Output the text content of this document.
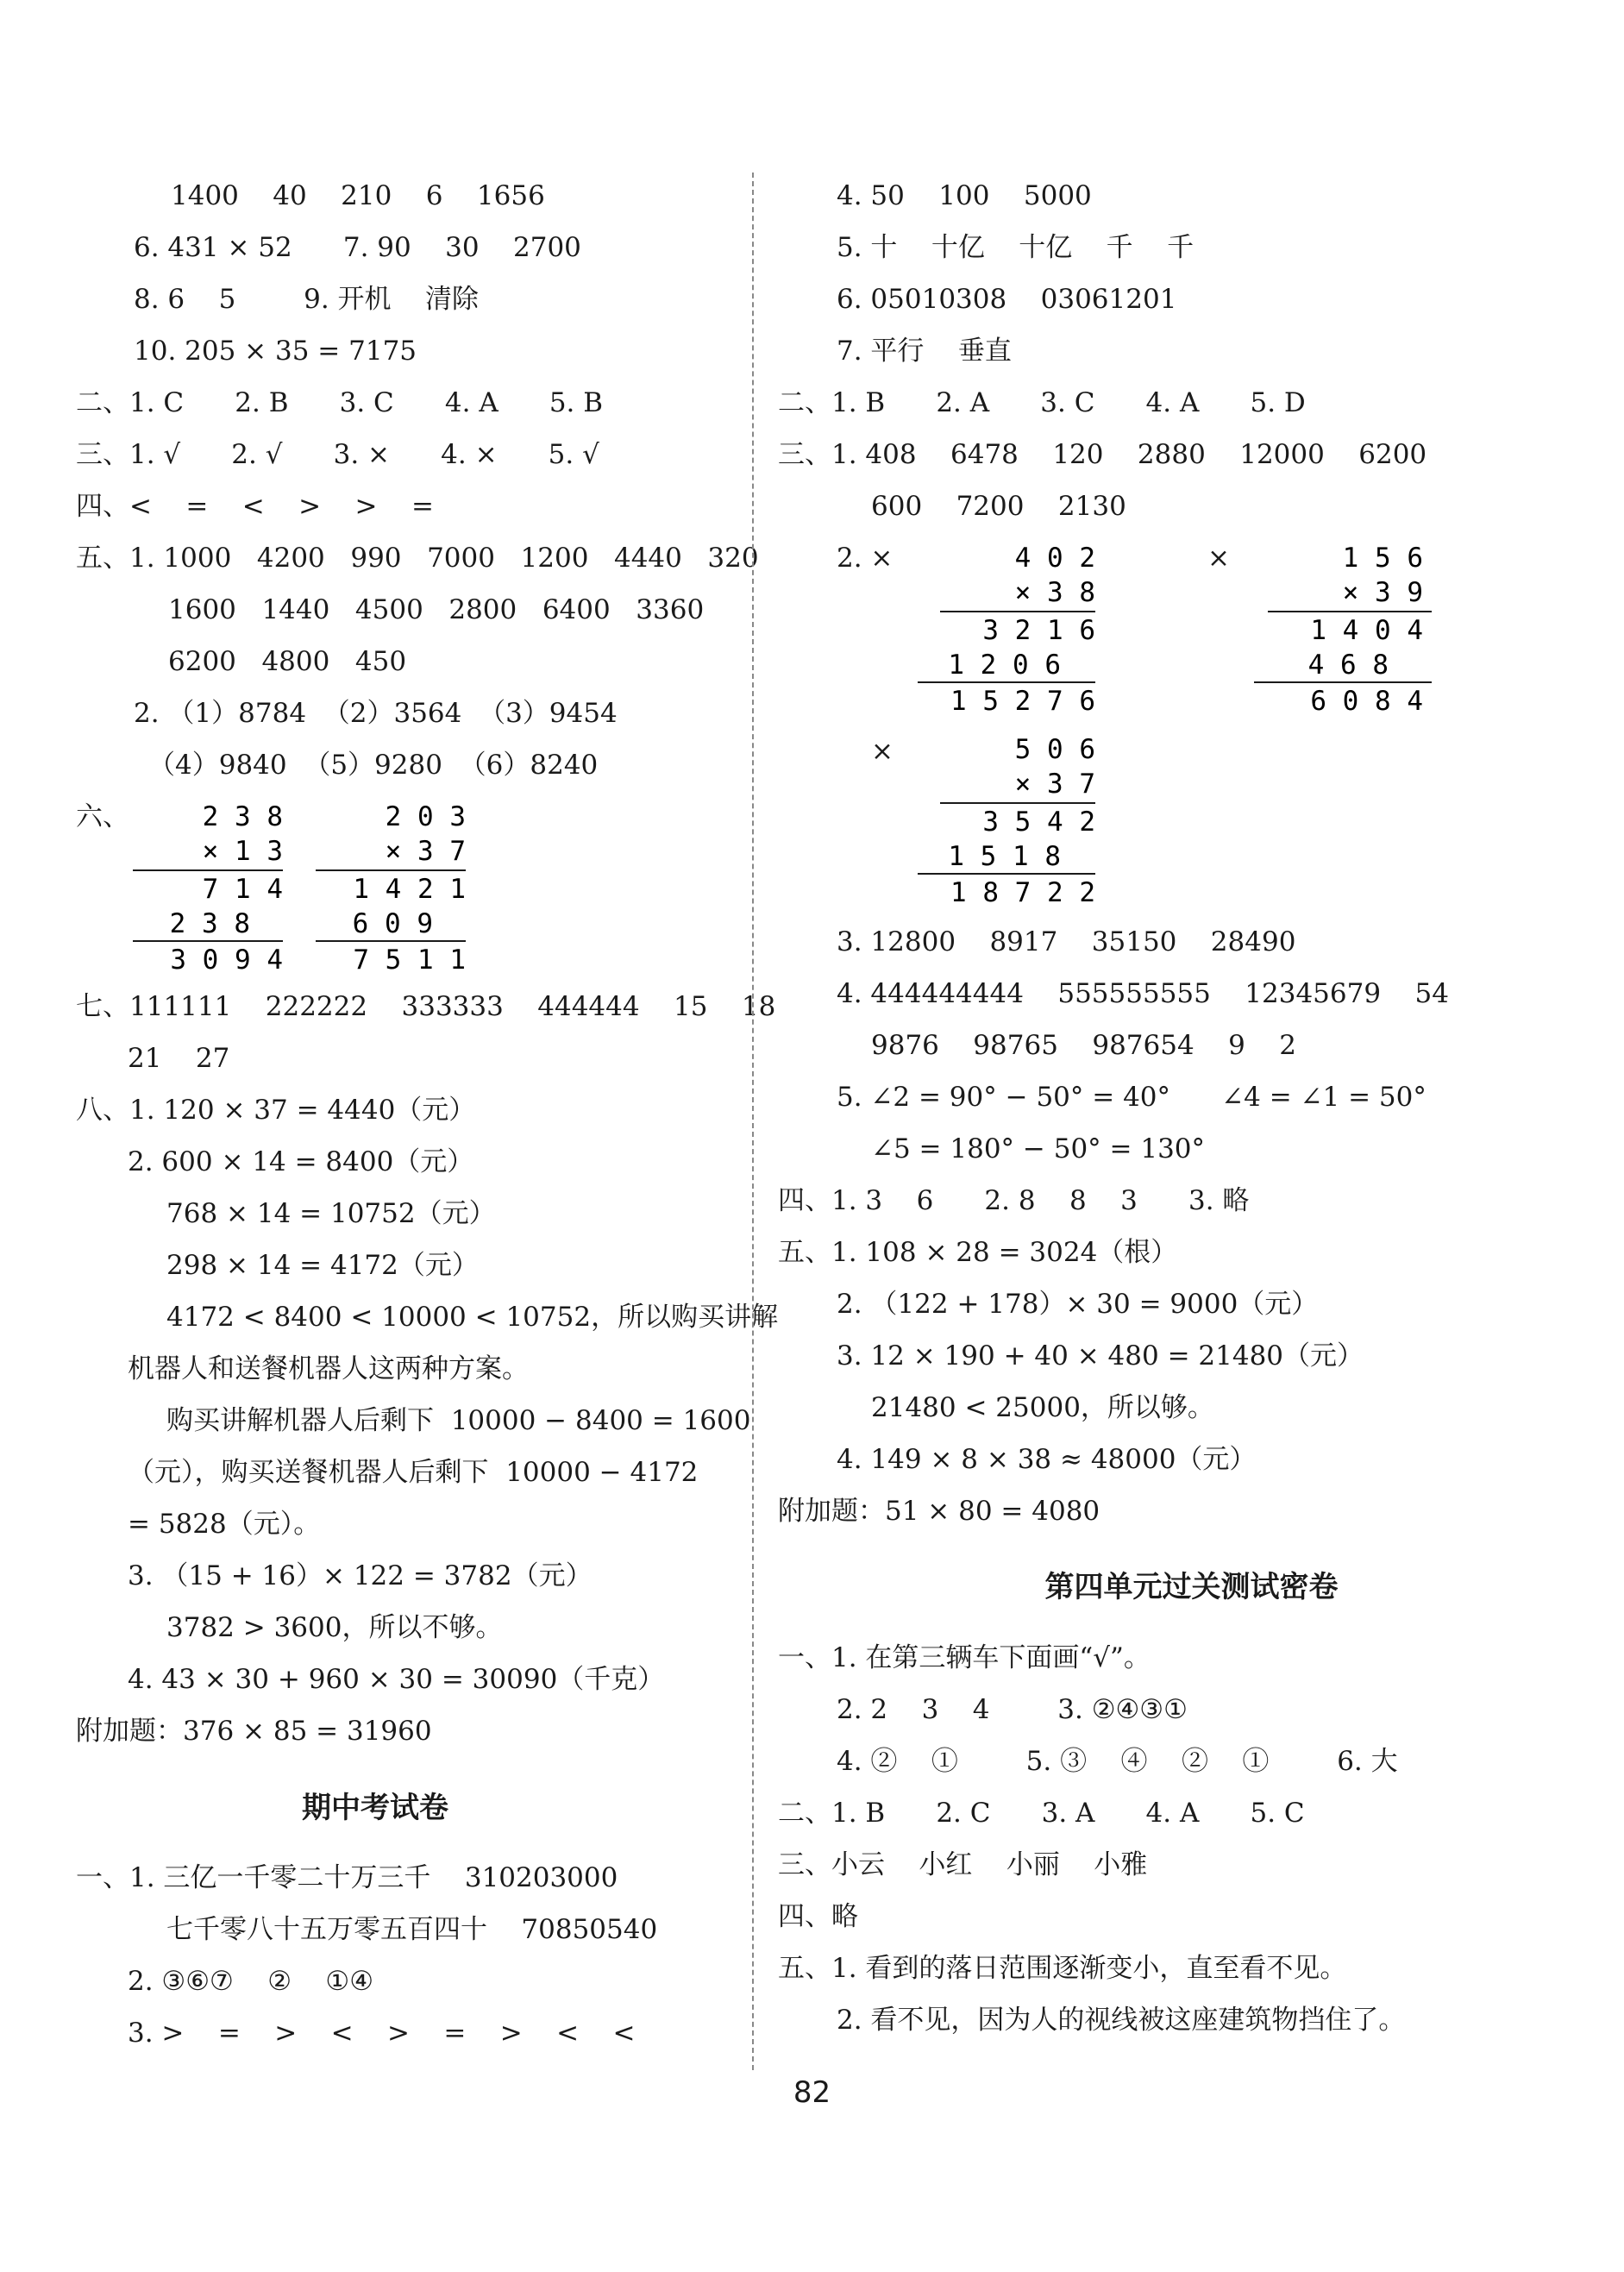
1400    40    210    6    1656
6. 431 × 52      7. 90    30    2700
8. 6    5        9. 开机    清除
10. 205 × 35 = 7175
二、1. C      2. B      3. C      4. A      5. B
三、1. √      2. √      3. ×      4. ×      5. √
四、<    =    <    >    >    =
五、1. 1000   4200   990   7000   1200   4440   320
1600   1440   4500   2800   6400   3360
6200   4800   450
2. （1）8784  （2）3564  （3）9454
（4）9840  （5）9280  （6）8240
六、	2 3 8
× 1 3
7 1 4
2 3 8
3 0 9 4
2 0 3
× 3 7
1 4 2 1
6 0 9
7 5 1 1
七、111111    222222    333333    444444    15    18
21    27
八、1. 120 × 37 = 4440（元）
2. 600 × 14 = 8400（元）
768 × 14 = 10752（元）
298 × 14 = 4172（元）
4172 < 8400 < 10000 < 10752，所以购买讲解
机器人和送餐机器人这两种方案。
购买讲解机器人后剩下  10000 − 8400 = 1600
（元），购买送餐机器人后剩下  10000 − 4172
= 5828（元）。
3. （15 + 16）× 122 = 3782（元）
3782 > 3600，所以不够。
4. 43 × 30 + 960 × 30 = 30090（千克）
附加题：376 × 85 = 31960
期中考试卷
一、1. 三亿一千零二十万三千    310203000
七千零八十五万零五百四十    70850540
2. ③⑥⑦    ②    ①④
3. >    =    >    <    >    =    >    <    <
4. 50    100    5000
5. 十    十亿    十亿    千    千
6. 05010308    03061201
7. 平行    垂直
二、1. B      2. A      3. C      4. A      5. D
三、1. 408    6478    120    2880    12000    6200
600    7200    2130
2. ×	4 0 2
× 3 8
3 2 1 6
1 2 0 6
1 5 2 7 6
×	1 5 6
× 3 9
1 4 0 4
4 6 8
6 0 8 4
×	5 0 6
× 3 7
3 5 4 2
1 5 1 8
1 8 7 2 2
3. 12800    8917    35150    28490
4. 444444444    555555555    12345679    54
9876    98765    987654    9    2
5. ∠2 = 90° − 50° = 40°      ∠4 = ∠1 = 50°
∠5 = 180° − 50° = 130°
四、1. 3    6      2. 8    8    3      3. 略
五、1. 108 × 28 = 3024（根）
2. （122 + 178）× 30 = 9000（元）
3. 12 × 190 + 40 × 480 = 21480（元）
21480 < 25000，所以够。
4. 149 × 8 × 38 ≈ 48000（元）
附加题：51 × 80 = 4080
第四单元过关测试密卷
一、1. 在第三辆车下面画“√”。
2. 2    3    4        3. ②④③①
4. ②    ①        5. ③    ④    ②    ①        6. 大
二、1. B      2. C      3. A      4. A      5. C
三、小云    小红    小丽    小雅
四、略
五、1. 看到的落日范围逐渐变小，直至看不见。
2. 看不见，因为人的视线被这座建筑物挡住了。
82
